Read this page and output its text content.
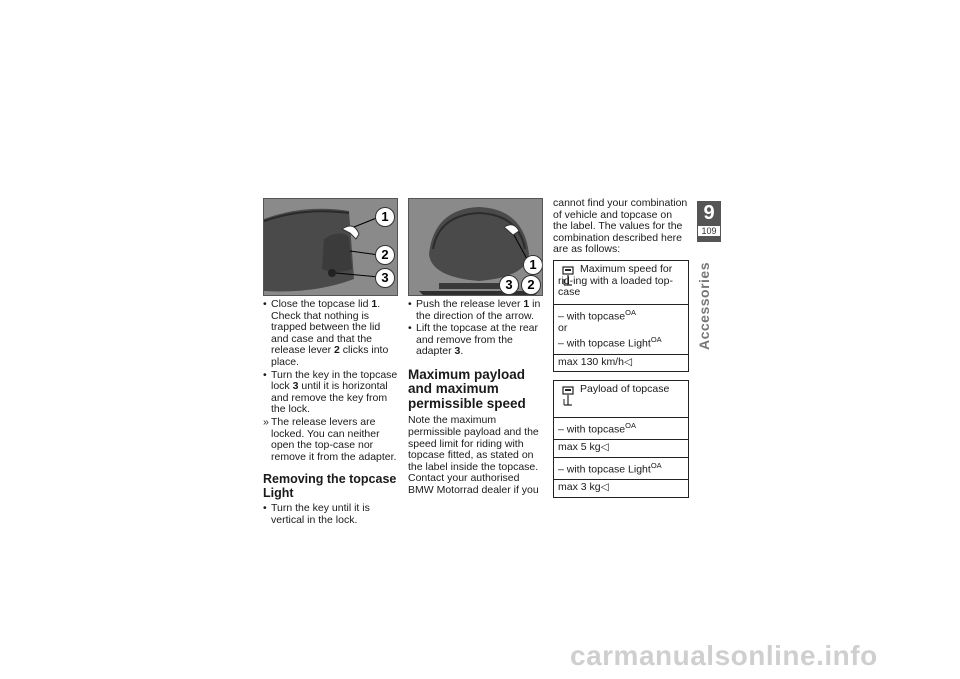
1
2
3
• Close the topcase lid 1. Check that nothing is trapped between the lid and case and that the release lever 2 clicks into place.
• Turn the key in the topcase lock 3 until it is horizontal and remove the key from the lock.
» The release levers are locked. You can neither open the top-case nor remove it from the adapter.
Removing the topcase Light
• Turn the key until it is vertical in the lock.
1
3	2
• Push the release lever 1 in the direction of the arrow.
• Lift the topcase at the rear and remove from the adapter 3.
Maximum payload and maximum permissible speed

Note the maximum permissible payload and the speed limit for riding with topcase fitted, as stated on the label inside the topcase.

Contact your authorised BMW Motorrad dealer if you

cannot find your combination of vehicle and topcase on the label. The values for the combination described here are as follows:

Maximum speed for rid-ing with a loaded top-
case
– with topcase$^{OA}$
or
– with topcase Light$^{OA}$
max 130 km/h◁
Payload of topcase
– with topcase$^{OA}$
max 5 kg◁
– with topcase Light$^{OA}$
max 3 kg◁
9
109
Accessories
carmanualsonline.info
